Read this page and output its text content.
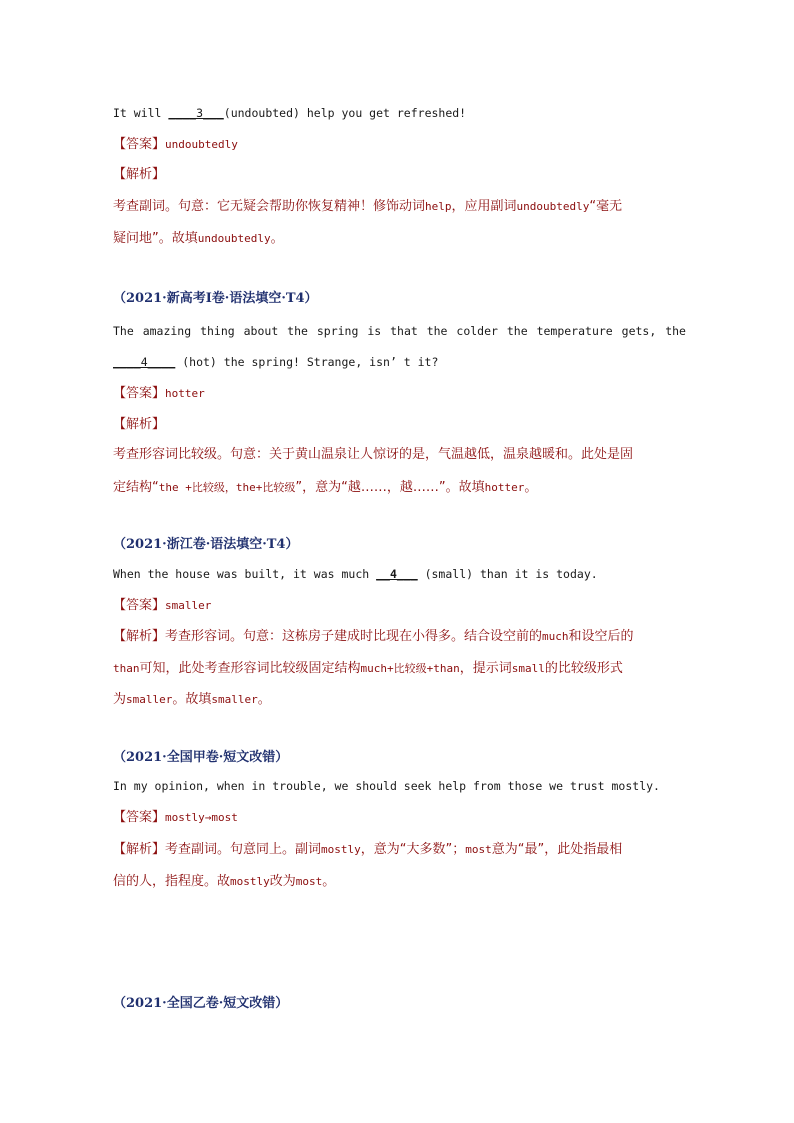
It will ____3___(undoubted) help you get refreshed!
【答案】undoubtedly
【解析】
考查副词。句意：它无疑会帮助你恢复精神！修饰动词help，应用副词undoubtedly“毫无
疑问地”。故填undoubtedly。
（2021·新高考Ⅰ卷·语法填空·T4）
The amazing thing about the spring is that the colder the temperature gets, the
____4____ (hot) the spring! Strange, isn’ t it?
【答案】hotter
【解析】
考查形容词比较级。句意：关于黄山温泉让人惊讶的是，气温越低，温泉越暖和。此处是固
定结构“the +比较级，the+比较级”，意为“越……，越……”。故填hotter。
（2021·浙江卷·语法填空·T4）
When the house was built, it was much __4___ (small) than it is today.
【答案】smaller
【解析】考查形容词。句意：这栋房子建成时比现在小得多。结合设空前的much和设空后的
than可知，此处考查形容词比较级固定结构much+比较级+than，提示词small的比较级形式
为smaller。故填smaller。
（2021·全国甲卷·短文改错）
In my opinion, when in trouble, we should seek help from those we trust mostly.
【答案】mostly→most
【解析】考查副词。句意同上。副词mostly，意为“大多数”；most意为“最”，此处指最相
信的人，指程度。故mostly改为most。
（2021·全国乙卷·短文改错）
